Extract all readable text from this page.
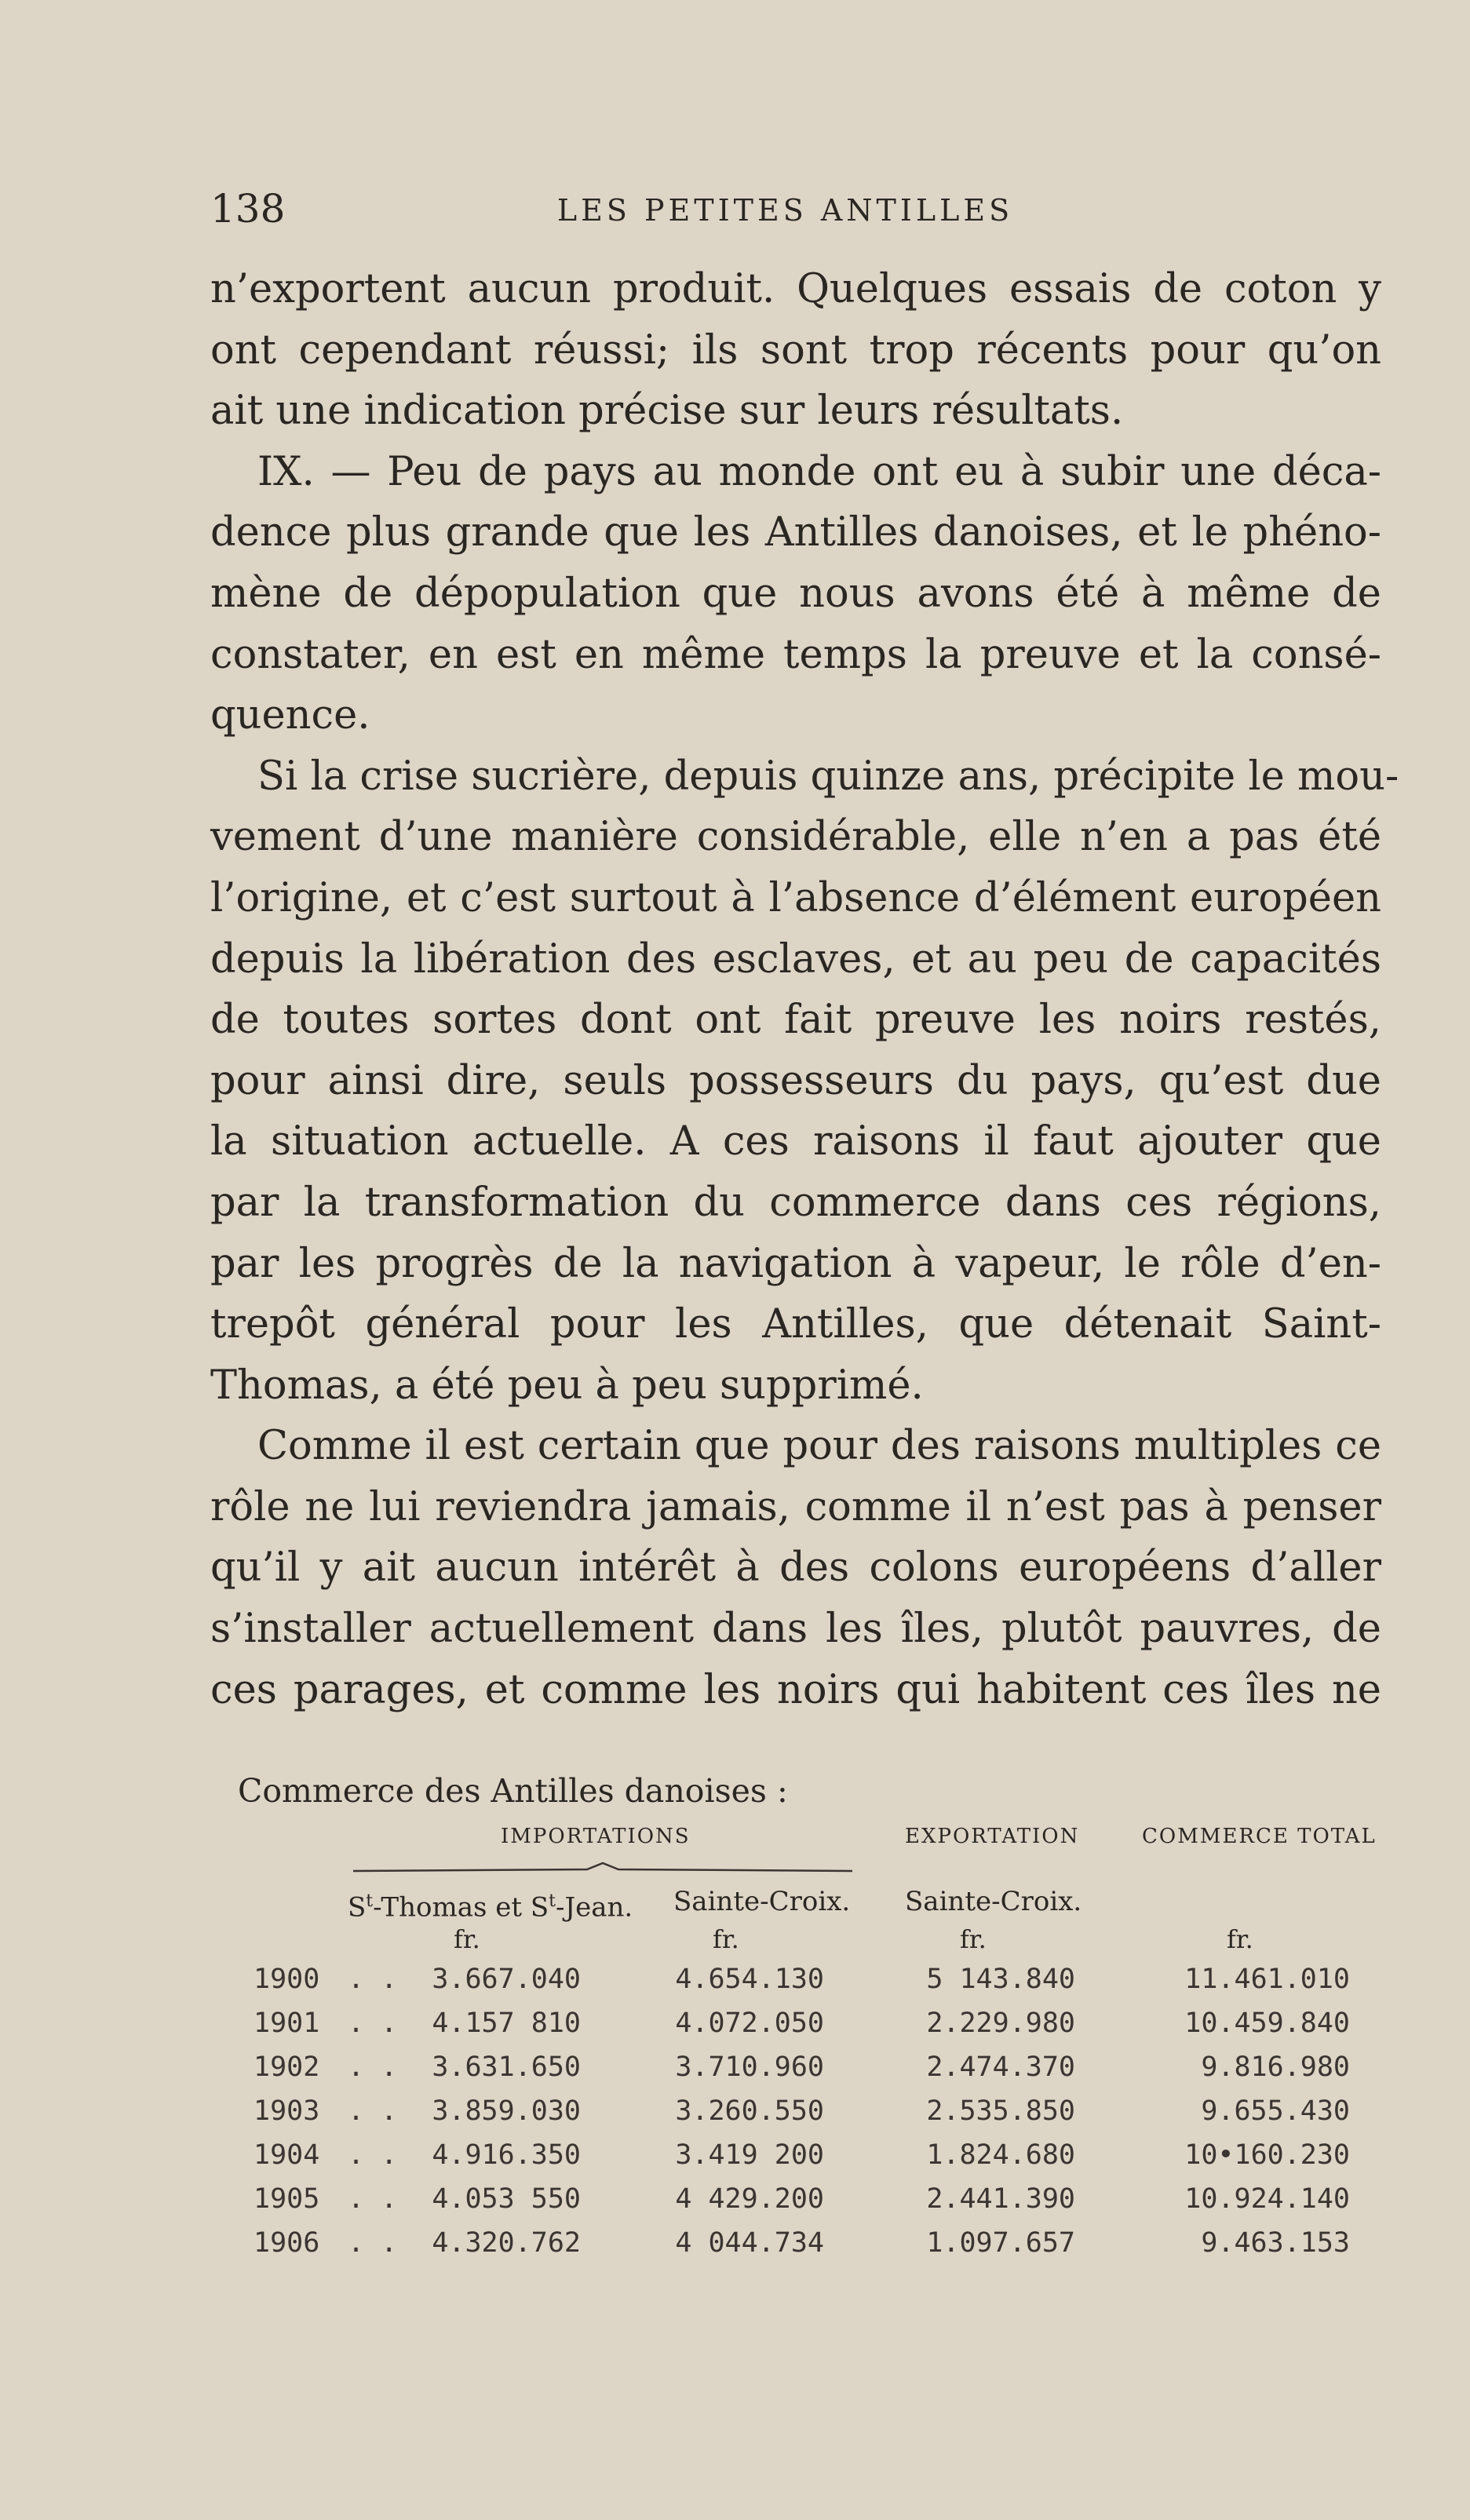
138	LES PETITES ANTILLES
n’exportent aucun produit. Quelques essais de coton y
ont cependant réussi; ils sont trop récents pour qu’on
ait une indication précise sur leurs résultats.
IX. — Peu de pays au monde ont eu à subir une déca-
dence plus grande que les Antilles danoises, et le phéno-
mène de dépopulation que nous avons été à même de
constater, en est en même temps la preuve et la consé-
quence.
Si la crise sucrière, depuis quinze ans, précipite le mou-
vement d’une manière considérable, elle n’en a pas été
l’origine, et c’est surtout à l’absence d’élément européen
depuis la libération des esclaves, et au peu de capacités
de toutes sortes dont ont fait preuve les noirs restés,
pour ainsi dire, seuls possesseurs du pays, qu’est due
la situation actuelle. A ces raisons il faut ajouter que
par la transformation du commerce dans ces régions,
par les progrès de la navigation à vapeur, le rôle d’en-
trepôt général pour les Antilles, que détenait Saint-
Thomas, a été peu à peu supprimé.
Comme il est certain que pour des raisons multiples ce
rôle ne lui reviendra jamais, comme il n’est pas à penser
qu’il y ait aucun intérêt à des colons européens d’aller
s’installer actuellement dans les îles, plutôt pauvres, de
ces parages, et comme les noirs qui habitent ces îles ne
Commerce des Antilles danoises :
IMPORTATIONS	EXPORTATION	COMMERCE TOTAL
$S^t$-Thomas et $S^t$-Jean. Sainte-Croix. Sainte-Croix.
fr.	fr.	fr.	fr.
1900 . . 3.667.040	4.654.130	5 143.840	11.461.010
1901 . . 4.157 810	4.072.050	2.229.980	10.459.840
1902 . . 3.631.650	3.710.960	2.474.370	9.816.980
1903 . . 3.859.030	3.260.550	2.535.850	9.655.430
1904 . . 4.916.350	3.419 200	1.824.680	10•160.230
1905 . . 4.053 550	4 429.200	2.441.390	10.924.140
1906 . . 4.320.762	4 044.734	1.097.657	9.463.153
